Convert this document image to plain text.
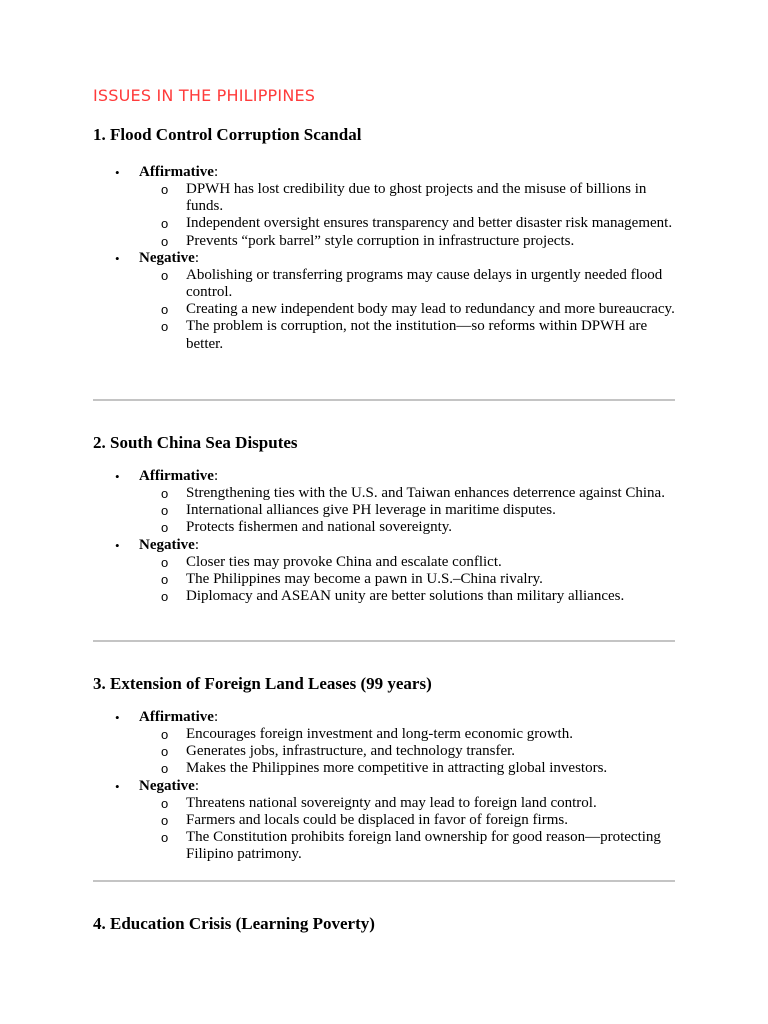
ISSUES IN THE PHILIPPINES
1. Flood Control Corruption Scandal
• Affirmative:
o DPWH has lost credibility due to ghost projects and the misuse of billions in funds.
o Independent oversight ensures transparency and better disaster risk management.
o Prevents “pork barrel” style corruption in infrastructure projects.
• Negative:
o Abolishing or transferring programs may cause delays in urgently needed flood control.
o Creating a new independent body may lead to redundancy and more bureaucracy.
o The problem is corruption, not the institution—so reforms within DPWH are better.
2. South China Sea Disputes
• Affirmative:
o Strengthening ties with the U.S. and Taiwan enhances deterrence against China.
o International alliances give PH leverage in maritime disputes.
o Protects fishermen and national sovereignty.
• Negative:
o Closer ties may provoke China and escalate conflict.
o The Philippines may become a pawn in U.S.–China rivalry.
o Diplomacy and ASEAN unity are better solutions than military alliances.
3. Extension of Foreign Land Leases (99 years)
• Affirmative:
o Encourages foreign investment and long-term economic growth.
o Generates jobs, infrastructure, and technology transfer.
o Makes the Philippines more competitive in attracting global investors.
• Negative:
o Threatens national sovereignty and may lead to foreign land control.
o Farmers and locals could be displaced in favor of foreign firms.
o The Constitution prohibits foreign land ownership for good reason—protecting Filipino patrimony.
4. Education Crisis (Learning Poverty)
